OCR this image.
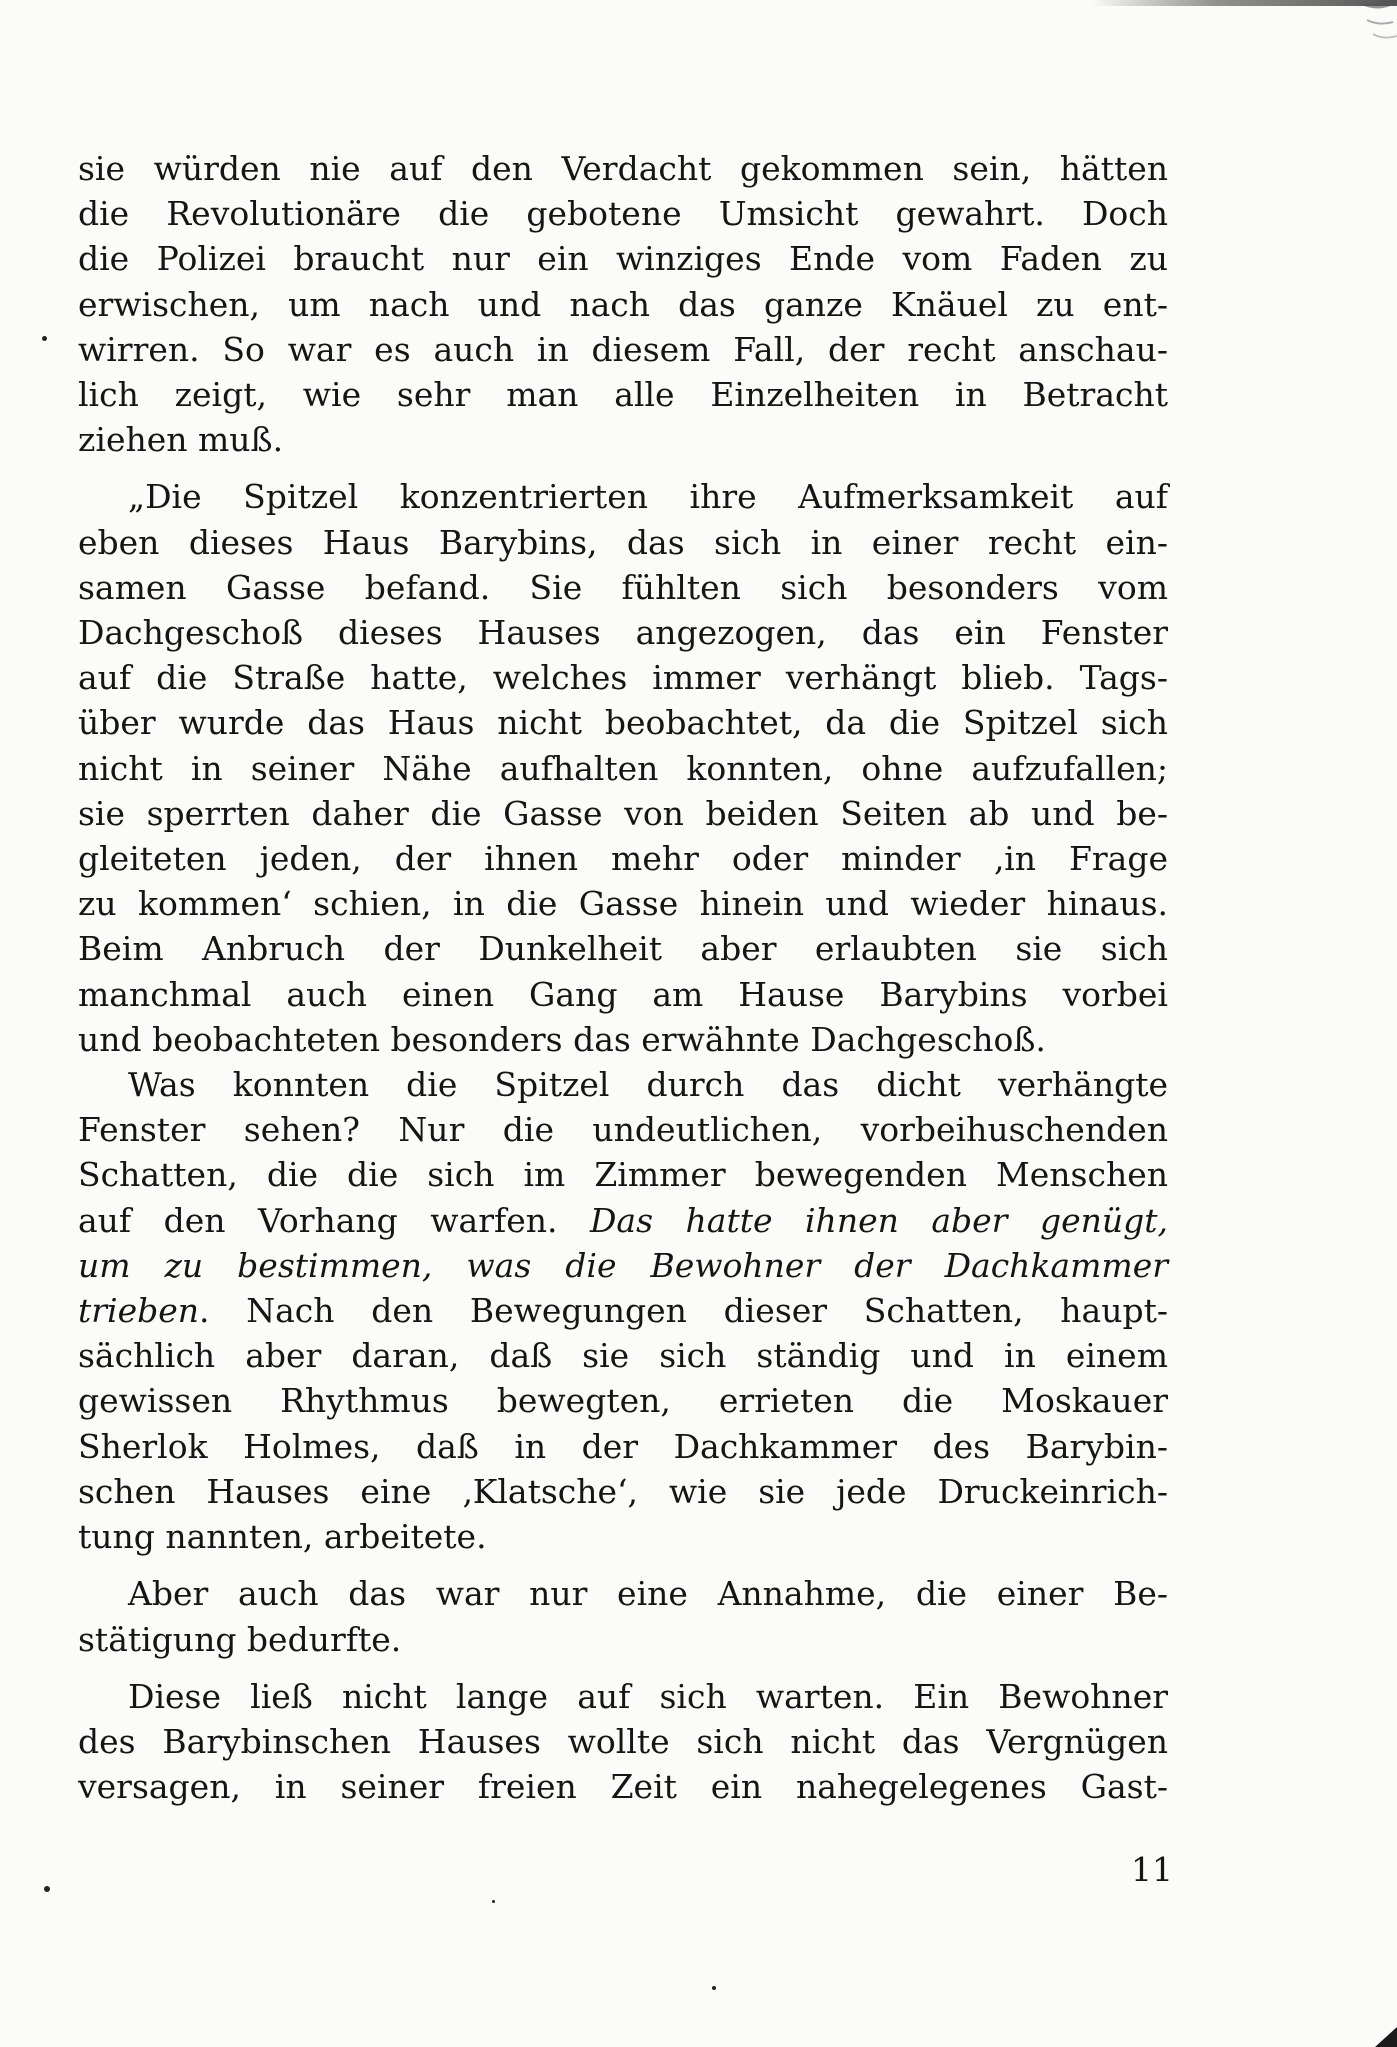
sie würden nie auf den Verdacht gekommen sein, hätten
die Revolutionäre die gebotene Umsicht gewahrt. Doch
die Polizei braucht nur ein winziges Ende vom Faden zu
erwischen, um nach und nach das ganze Knäuel zu ent-
wirren. So war es auch in diesem Fall, der recht anschau-
lich zeigt, wie sehr man alle Einzelheiten in Betracht
ziehen muß.

„Die Spitzel konzentrierten ihre Aufmerksamkeit auf
eben dieses Haus Barybins, das sich in einer recht ein-
samen Gasse befand. Sie fühlten sich besonders vom
Dachgeschoß dieses Hauses angezogen, das ein Fenster
auf die Straße hatte, welches immer verhängt blieb. Tags-
über wurde das Haus nicht beobachtet, da die Spitzel sich
nicht in seiner Nähe aufhalten konnten, ohne aufzufallen;
sie sperrten daher die Gasse von beiden Seiten ab und be-
gleiteten jeden, der ihnen mehr oder minder ‚in Frage
zu kommen‘ schien, in die Gasse hinein und wieder hinaus.
Beim Anbruch der Dunkelheit aber erlaubten sie sich
manchmal auch einen Gang am Hause Barybins vorbei
und beobachteten besonders das erwähnte Dachgeschoß.

Was konnten die Spitzel durch das dicht verhängte
Fenster sehen? Nur die undeutlichen, vorbeihuschenden
Schatten, die die sich im Zimmer bewegenden Menschen
auf den Vorhang warfen. Das hatte ihnen aber genügt,
um zu bestimmen, was die Bewohner der Dachkammer
trieben. Nach den Bewegungen dieser Schatten, haupt-
sächlich aber daran, daß sie sich ständig und in einem
gewissen Rhythmus bewegten, errieten die Moskauer
Sherlok Holmes, daß in der Dachkammer des Barybin-
schen Hauses eine ‚Klatsche‘, wie sie jede Druckeinrich-
tung nannten, arbeitete.

Aber auch das war nur eine Annahme, die einer Be-
stätigung bedurfte.

Diese ließ nicht lange auf sich warten. Ein Bewohner
des Barybinschen Hauses wollte sich nicht das Vergnügen
versagen, in seiner freien Zeit ein nahegelegenes Gast-

11
